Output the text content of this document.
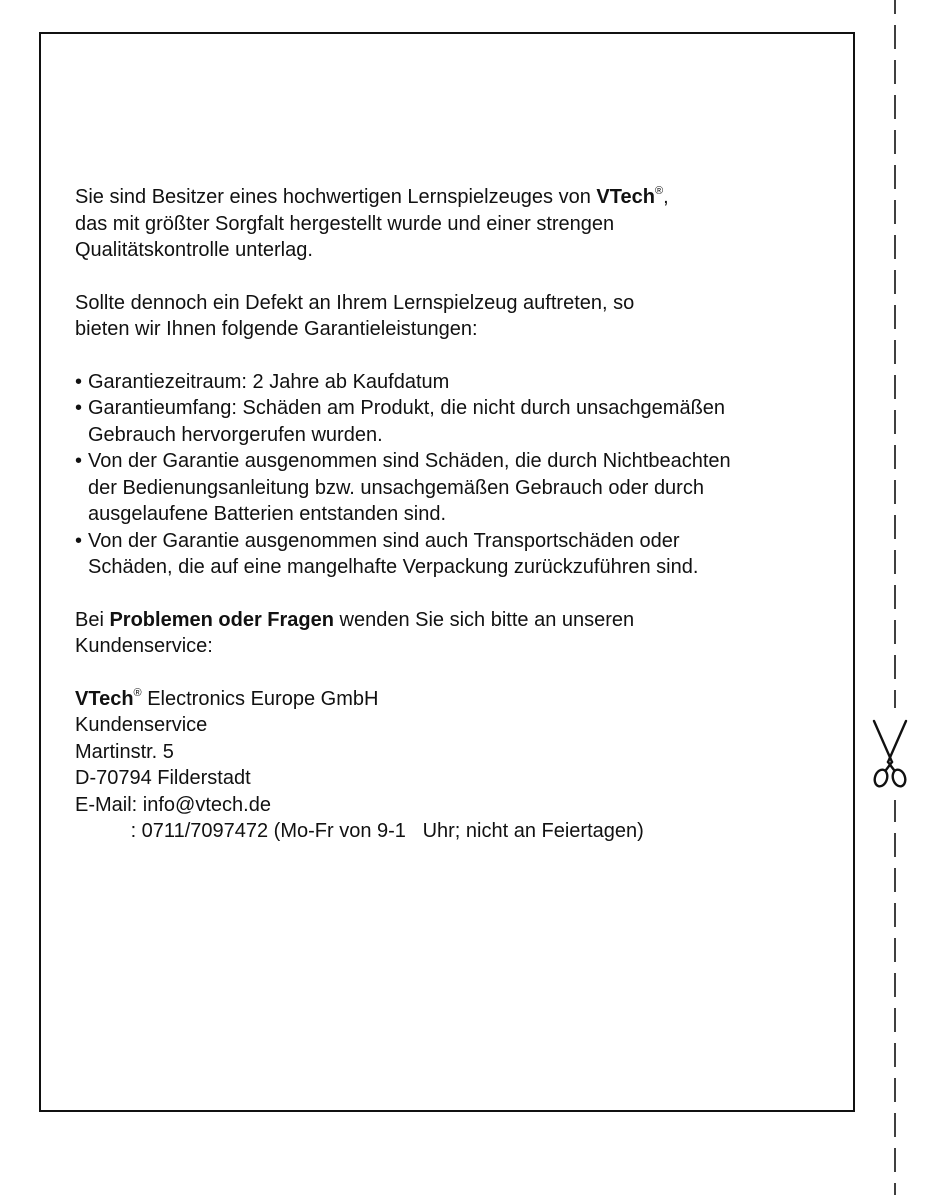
Sie sind Besitzer eines hochwertigen Lernspielzeuges von VTech®,
das mit größter Sorgfalt hergestellt wurde und einer strengen
Qualitätskontrolle unterlag.

Sollte dennoch ein Defekt an Ihrem Lernspielzeug auftreten, so
bieten wir Ihnen folgende Garantieleistungen:

• Garantiezeitraum: 2 Jahre ab Kaufdatum
• Garantieumfang: Schäden am Produkt, die nicht durch unsachgemäßen
Gebrauch hervorgerufen wurden.
• Von der Garantie ausgenommen sind Schäden, die durch Nichtbeachten
der Bedienungsanleitung bzw. unsachgemäßen Gebrauch oder durch
ausgelaufene Batterien entstanden sind.
• Von der Garantie ausgenommen sind auch Transportschäden oder
Schäden, die auf eine mangelhafte Verpackung zurückzuführen sind.

Bei Problemen oder Fragen wenden Sie sich bitte an unseren
Kundenservice:

VTech® Electronics Europe GmbH
Kundenservice
Martinstr. 5
D-70794 Filderstadt
E-Mail: info@vtech.de
: 0711/7097472 (Mo-Fr von 9-1   Uhr; nicht an Feiertagen)
